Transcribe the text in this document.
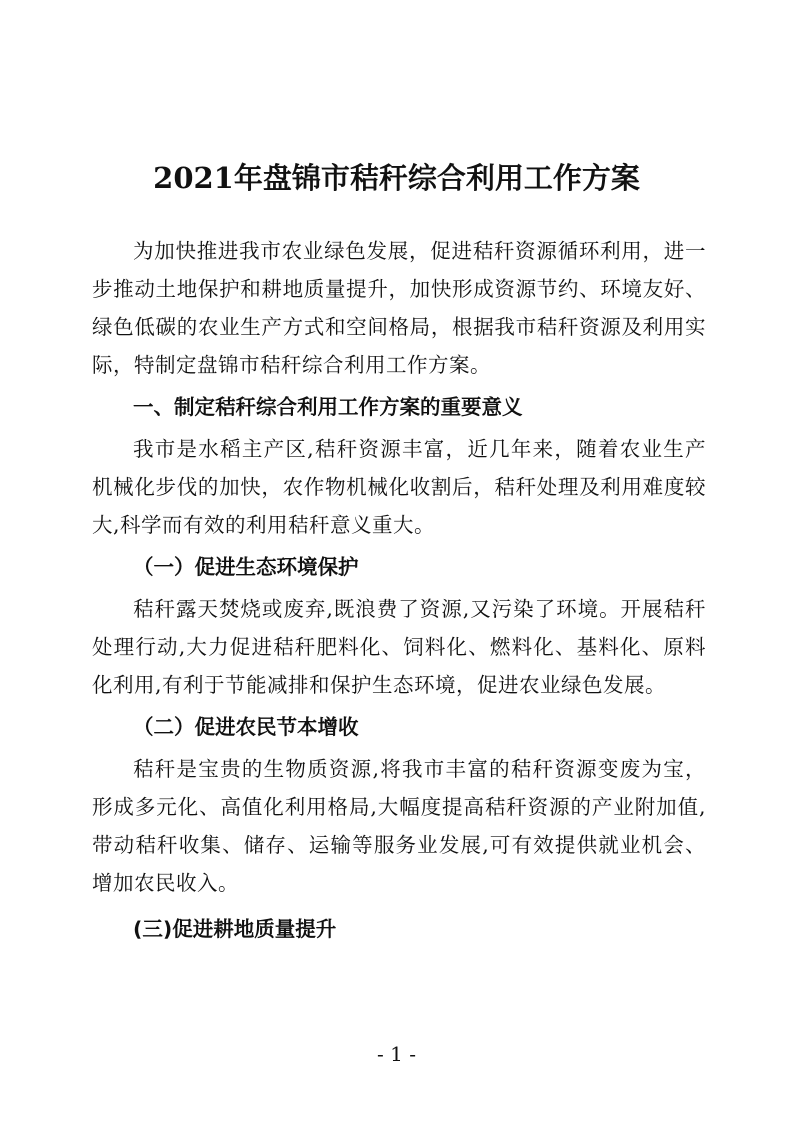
2021年盘锦市秸秆综合利用工作方案

为加快推进我市农业绿色发展，促进秸秆资源循环利用，进一步推动土地保护和耕地质量提升，加快形成资源节约、环境友好、绿色低碳的农业生产方式和空间格局，根据我市秸秆资源及利用实际，特制定盘锦市秸秆综合利用工作方案。

一、制定秸秆综合利用工作方案的重要意义

我市是水稻主产区,秸秆资源丰富，近几年来，随着农业生产机械化步伐的加快，农作物机械化收割后，秸秆处理及利用难度较大,科学而有效的利用秸秆意义重大。

（一）促进生态环境保护

秸秆露天焚烧或废弃,既浪费了资源,又污染了环境。开展秸秆处理行动,大力促进秸秆肥料化、饲料化、燃料化、基料化、原料化利用,有利于节能减排和保护生态环境，促进农业绿色发展。

（二）促进农民节本增收

秸秆是宝贵的生物质资源,将我市丰富的秸秆资源变废为宝，形成多元化、高值化利用格局,大幅度提高秸秆资源的产业附加值,带动秸秆收集、储存、运输等服务业发展,可有效提供就业机会、增加农民收入。

(三)促进耕地质量提升

- 1 -
